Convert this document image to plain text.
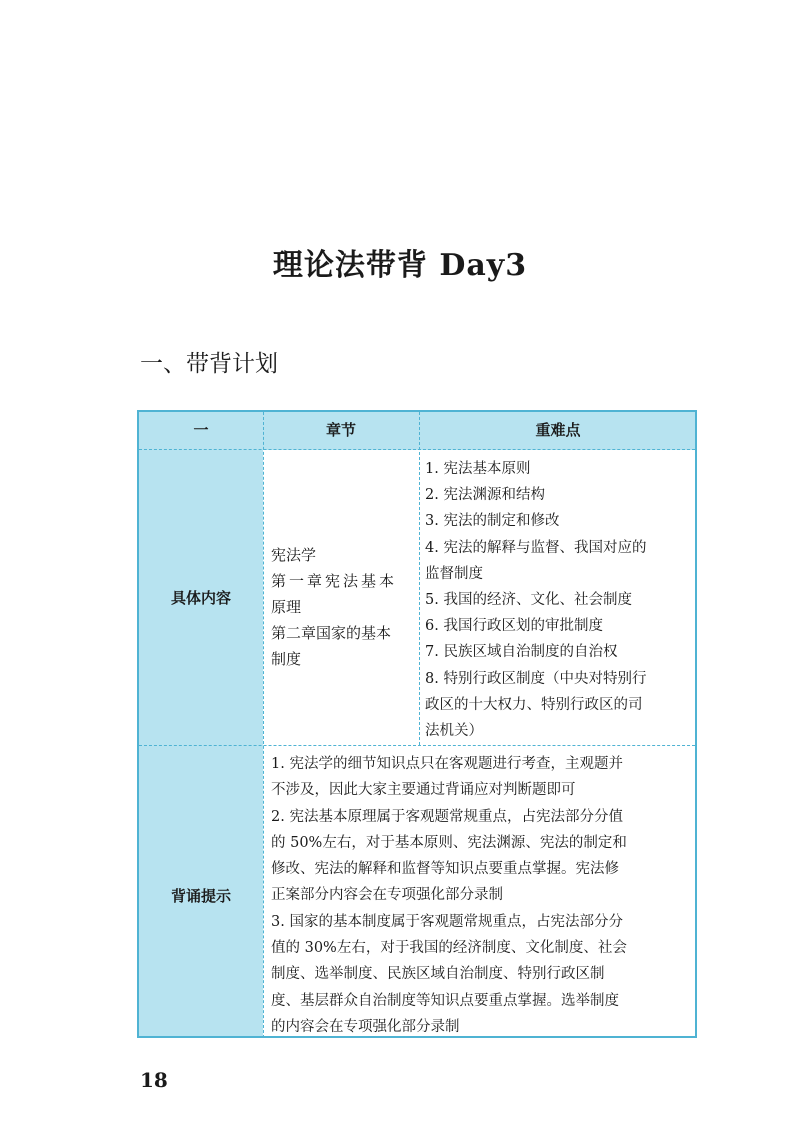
理论法带背 Day3
一、带背计划
一	章节	重难点
具体内容
宪法学
第一章宪法基本
原理
第二章国家的基本
制度
1. 宪法基本原则
2. 宪法渊源和结构
3. 宪法的制定和修改
4. 宪法的解释与监督、我国对应的
监督制度
5. 我国的经济、文化、社会制度
6. 我国行政区划的审批制度
7. 民族区域自治制度的自治权
8. 特别行政区制度（中央对特别行
政区的十大权力、特别行政区的司
法机关）
背诵提示
1. 宪法学的细节知识点只在客观题进行考查，主观题并
不涉及，因此大家主要通过背诵应对判断题即可
2. 宪法基本原理属于客观题常规重点，占宪法部分分值
的 50%左右，对于基本原则、宪法渊源、宪法的制定和
修改、宪法的解释和监督等知识点要重点掌握。宪法修
正案部分内容会在专项强化部分录制
3. 国家的基本制度属于客观题常规重点，占宪法部分分
值的 30%左右，对于我国的经济制度、文化制度、社会
制度、选举制度、民族区域自治制度、特别行政区制
度、基层群众自治制度等知识点要重点掌握。选举制度
的内容会在专项强化部分录制
18
